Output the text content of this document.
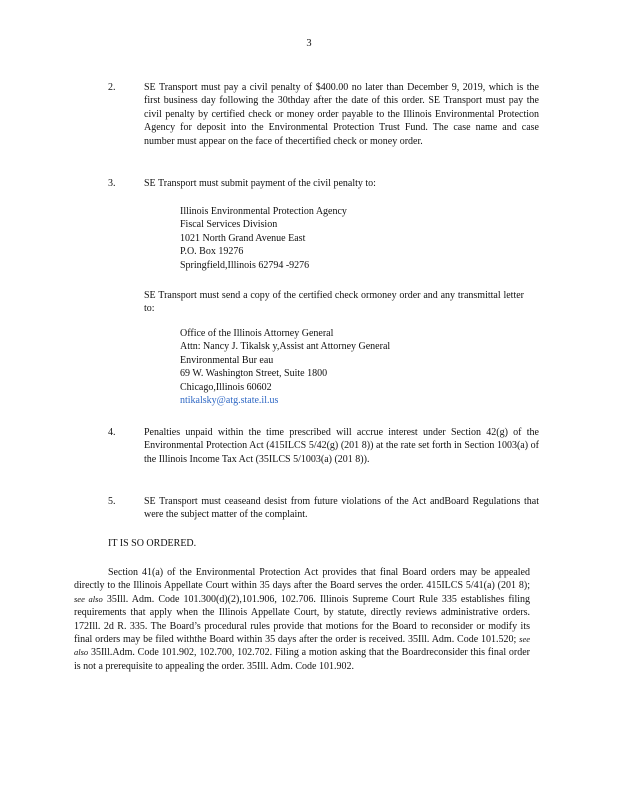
3
2.	SE Transport must pay a civil penalty of $400.00 no later than December 9, 2019, which is the first business day following the 30thday after the date of this order. SE Transport must pay the civil penalty by certified check or money order payable to the Illinois Environmental Protection Agency for deposit into the Environmental Protection Trust Fund. The case name and case number must appear on the face of thecertified check or money order.
3.	SE Transport must submit payment of the civil penalty to:
Illinois Environmental Protection Agency
Fiscal Services Division
1021 North Grand Avenue East
P.O. Box 19276
Springfield,Illinois 62794 -9276
SE Transport must send a copy of the certified check ormoney order and any transmittal letter to:
Office of the Illinois Attorney General
Attn: Nancy J. Tikalsk y,Assist ant Attorney General
Environmental Bur eau
69 W. Washington Street, Suite 1800
Chicago,Illinois 60602
ntikalsky@atg.state.il.us
4.	Penalties unpaid within the time prescribed will accrue interest under Section 42(g) of the Environmental Protection Act (415ILCS 5/42(g) (201 8)) at the rate set forth in Section 1003(a) of the Illinois Income Tax Act (35ILCS 5/1003(a) (201 8)).
5.	SE Transport must ceaseand desist from future violations of the Act andBoard Regulations that were the subject matter of the complaint.
IT IS SO ORDERED.
Section 41(a) of the Environmental Protection Act provides that final Board orders may be appealed directly to the Illinois Appellate Court within 35 days after the Board serves the order. 415ILCS 5/41(a) (201 8); see also 35Ill. Adm. Code 101.300(d)(2),101.906, 102.706. Illinois Supreme Court Rule 335 establishes filing requirements that apply when the Illinois Appellate Court, by statute, directly reviews administrative orders. 172Ill. 2d R. 335. The Board’s procedural rules provide that motions for the Board to reconsider or modify its final orders may be filed withthe Board within 35 days after the order is received. 35Ill. Adm. Code 101.520; see also 35Ill.Adm. Code 101.902, 102.700, 102.702. Filing a motion asking that the Boardreconsider this final order is not a prerequisite to appealing the order. 35Ill. Adm. Code 101.902.
